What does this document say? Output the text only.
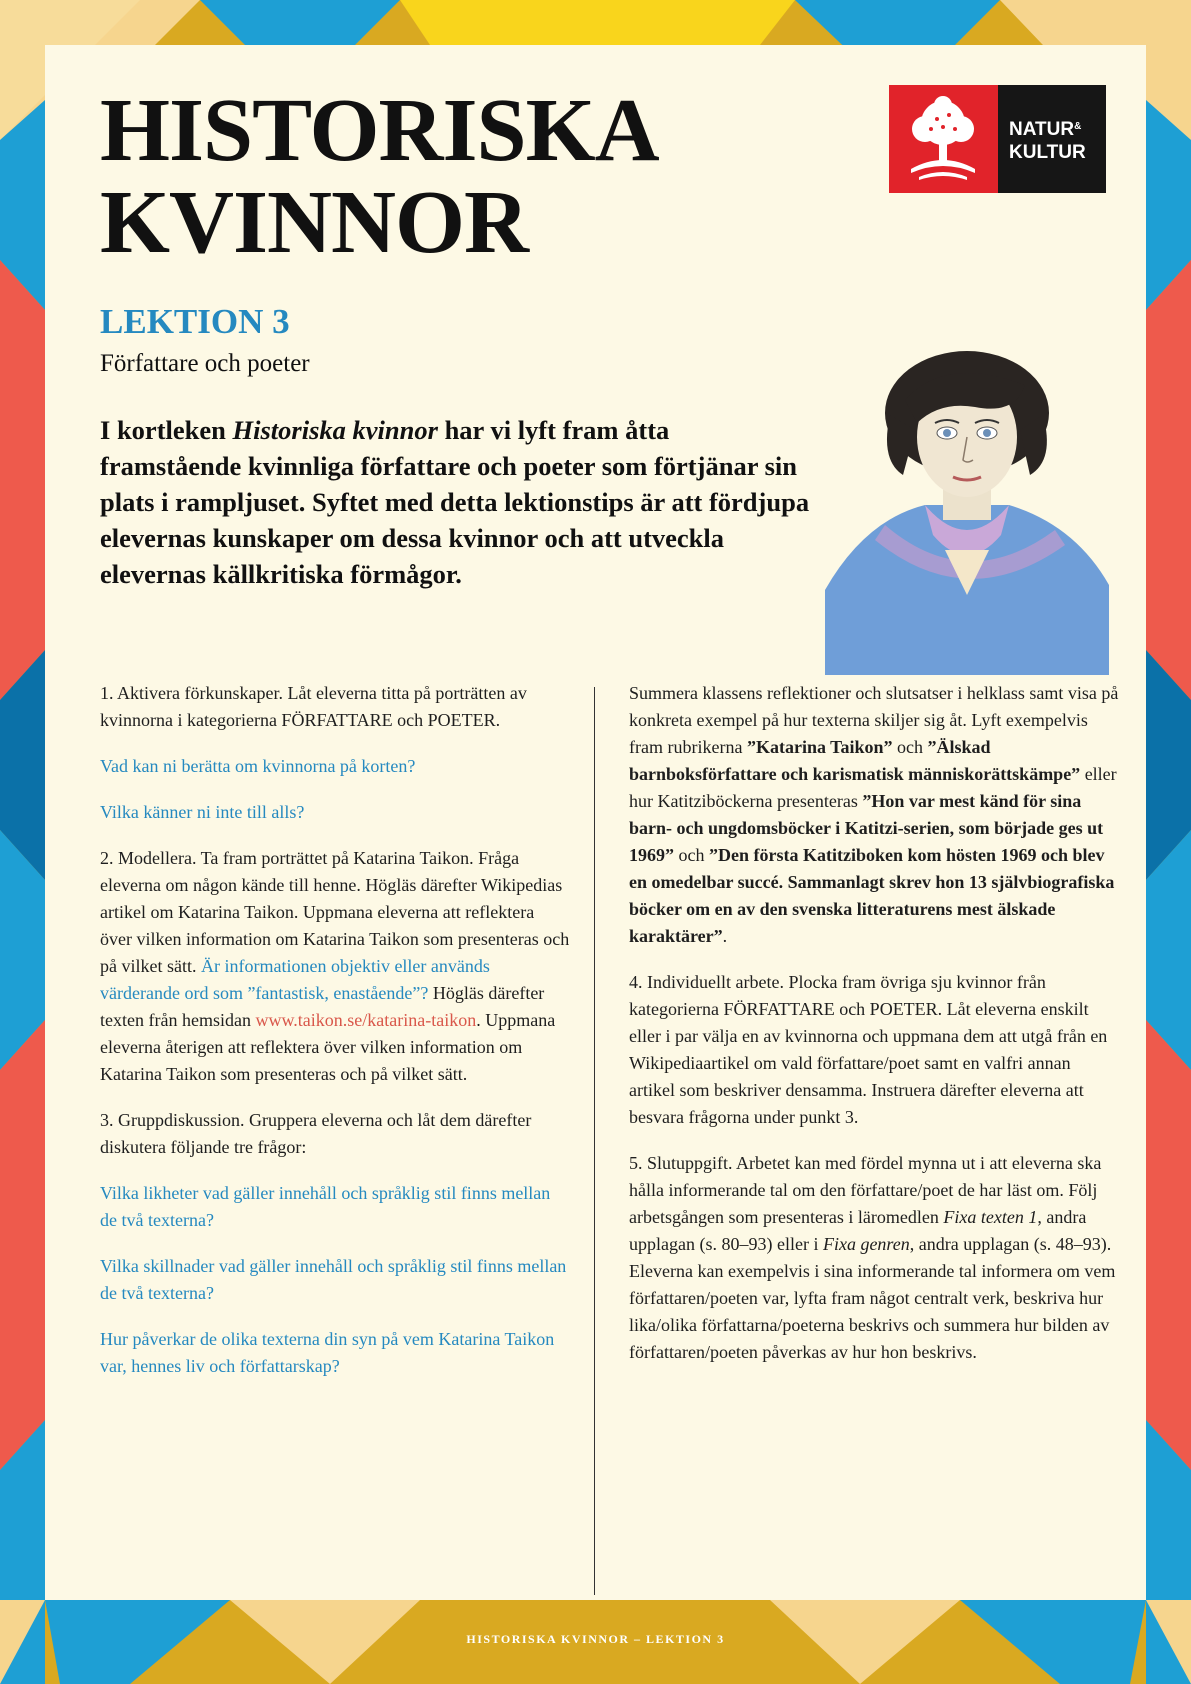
HISTORISKA
KVINNOR
NATUR&
KULTUR
LEKTION 3

Författare och poeter

I kortleken Historiska kvinnor har vi lyft fram åtta framstående kvinnliga författare och poeter som förtjänar sin plats i rampljuset. Syftet med detta lektionstips är att fördjupa elevernas kunskaper om dessa kvinnor och att utveckla elevernas källkritiska förmågor.

1. Aktivera förkunskaper. Låt eleverna titta på porträtten av kvinnorna i kategorierna FÖRFATTARE och POETER.

Vad kan ni berätta om kvinnorna på korten?

Vilka känner ni inte till alls?

2. Modellera. Ta fram porträttet på Katarina Taikon. Fråga eleverna om någon kände till henne. Högläs därefter Wikipedias artikel om Katarina Taikon. Uppmana eleverna att reflektera över vilken information om Katarina Taikon som presenteras och på vilket sätt. Är informationen objektiv eller används värderande ord som ”fantastisk, enastående”? Högläs därefter texten från hemsidan www.taikon.se/katarina-taikon. Uppmana eleverna återigen att reflektera över vilken information om Katarina Taikon som presenteras och på vilket sätt.

3. Gruppdiskussion. Gruppera eleverna och låt dem därefter diskutera följande tre frågor:

Vilka likheter vad gäller innehåll och språklig stil finns mellan de två texterna?

Vilka skillnader vad gäller innehåll och språklig stil finns mellan de två texterna?

Hur påverkar de olika texterna din syn på vem Katarina Taikon var, hennes liv och författarskap?

Summera klassens reflektioner och slutsatser i helklass samt visa på konkreta exempel på hur texterna skiljer sig åt. Lyft exempelvis fram rubrikerna ”Katarina Taikon” och ”Älskad barnboksförfattare och karismatisk människorättskämpe” eller hur Katitziböckerna presenteras ”Hon var mest känd för sina barn- och ungdomsböcker i Katitzi-serien, som började ges ut 1969” och ”Den första Katitziboken kom hösten 1969 och blev en omedelbar succé. Sammanlagt skrev hon 13 självbiografiska böcker om en av den svenska litteraturens mest älskade karaktärer”.

4. Individuellt arbete. Plocka fram övriga sju kvinnor från kategorierna FÖRFATTARE och POETER. Låt eleverna enskilt eller i par välja en av kvinnorna och uppmana dem att utgå från en Wikipediaartikel om vald författare/poet samt en valfri annan artikel som beskriver densamma. Instruera därefter eleverna att besvara frågorna under punkt 3.

5. Slutuppgift. Arbetet kan med fördel mynna ut i att eleverna ska hålla informerande tal om den författare/poet de har läst om. Följ arbetsgången som presenteras i läromedlen Fixa texten 1, andra upplagan (s. 80–93) eller i Fixa genren, andra upplagan (s. 48–93). Eleverna kan exempelvis i sina informerande tal informera om vem författaren/poeten var, lyfta fram något centralt verk, beskriva hur lika/olika författarna/poeterna beskrivs och summera hur bilden av författaren/poeten påverkas av hur hon beskrivs.

HISTORISKA KVINNOR – LEKTION 3
